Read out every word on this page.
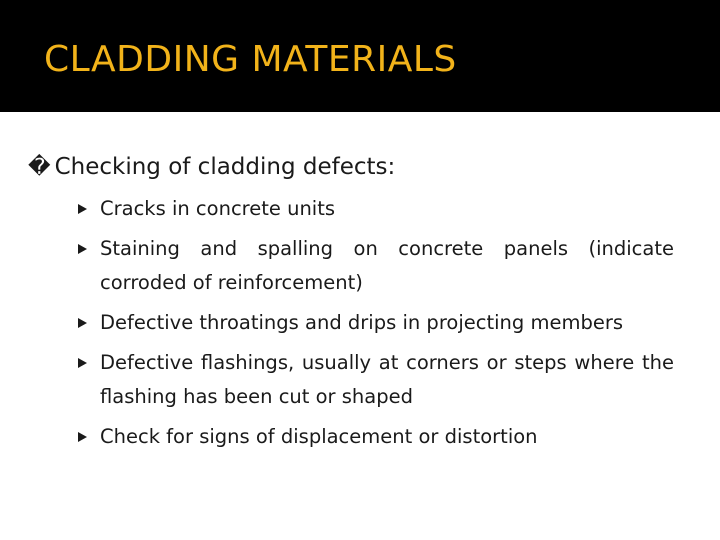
CLADDING MATERIALS
� Checking of cladding defects:
Cracks in concrete units
Staining and spalling on concrete panels (indicate corroded of reinforcement)
Defective throatings and drips in projecting members
Defective flashings, usually at corners or steps where the flashing has been cut or shaped
Check for signs of displacement or distortion
